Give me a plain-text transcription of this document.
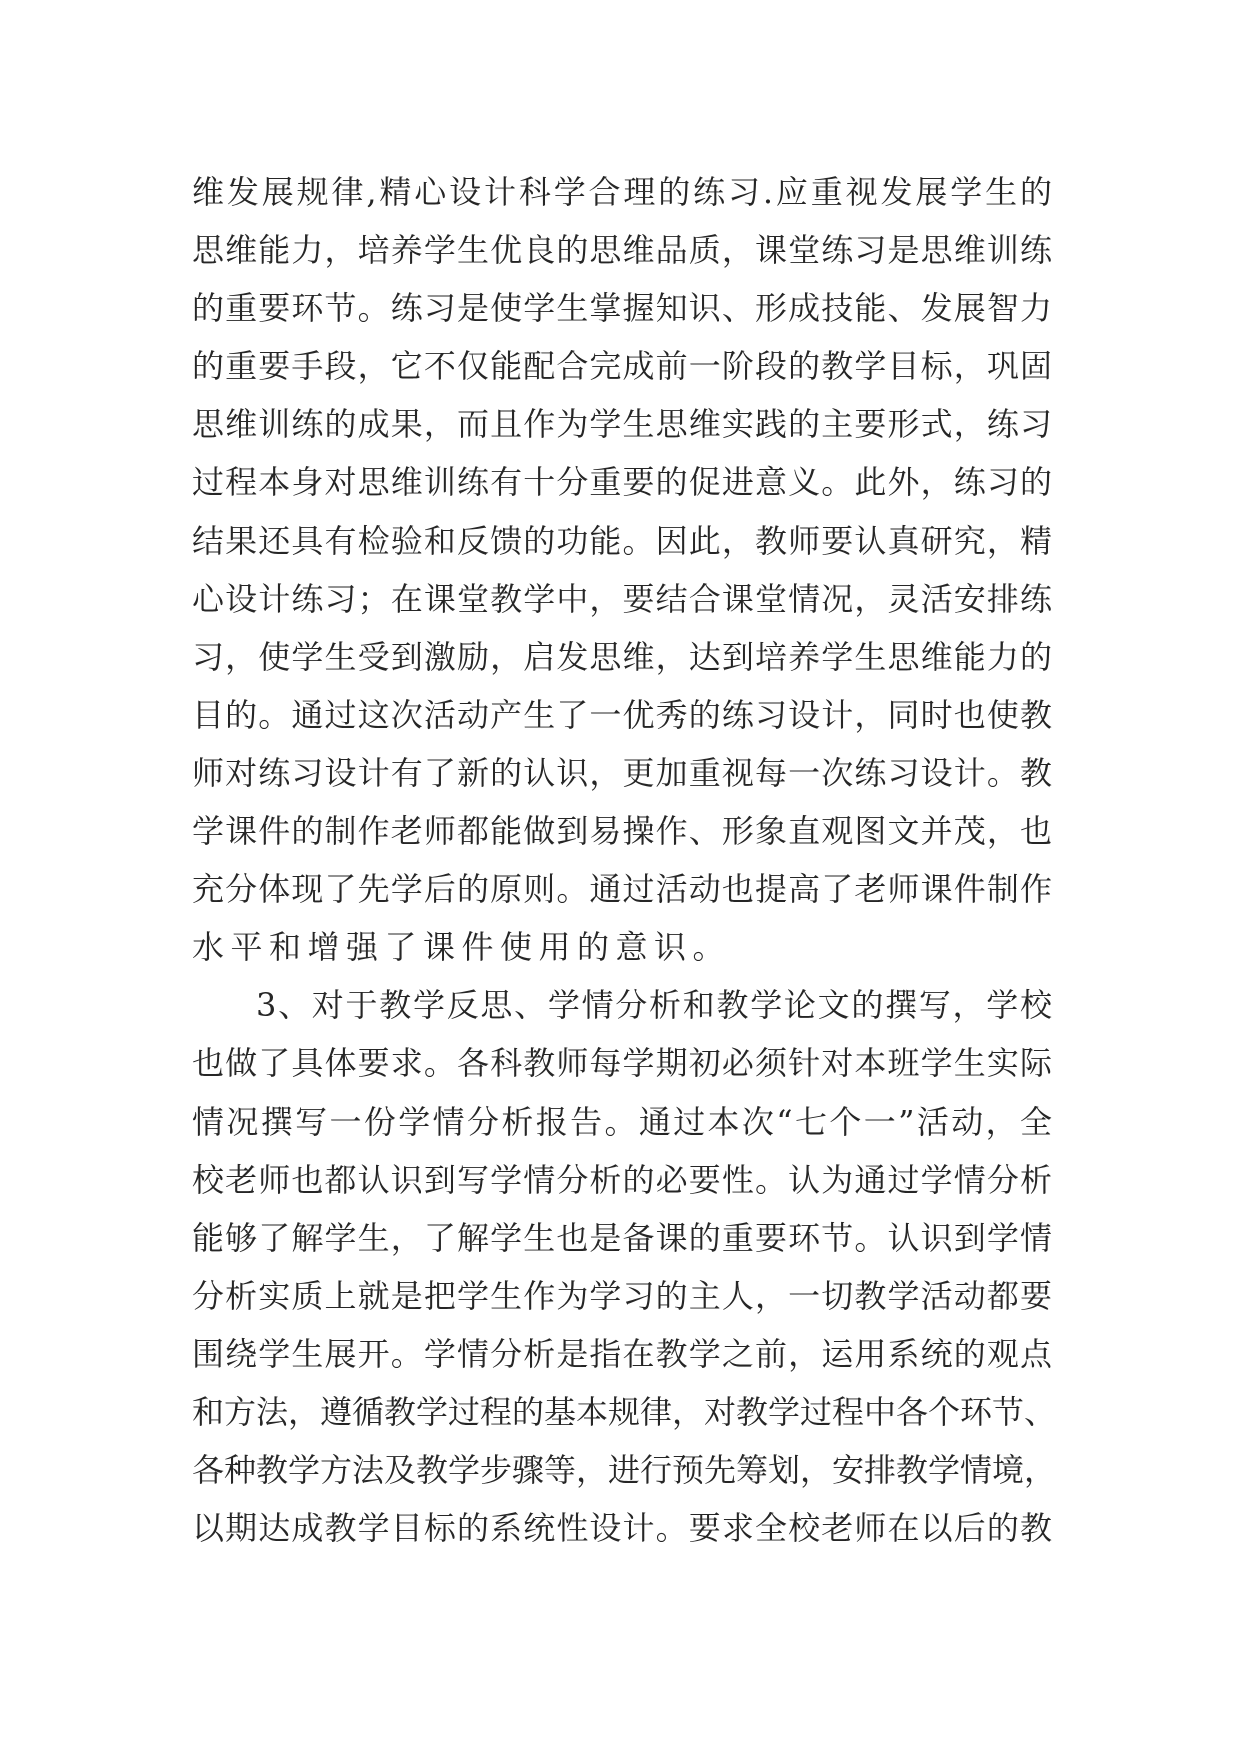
维发展规律,精心设计科学合理的练习.应重视发展学生的
思维能力，培养学生优良的思维品质，课堂练习是思维训练
的重要环节。练习是使学生掌握知识、形成技能、发展智力
的重要手段，它不仅能配合完成前一阶段的教学目标，巩固
思维训练的成果，而且作为学生思维实践的主要形式，练习
过程本身对思维训练有十分重要的促进意义。此外，练习的
结果还具有检验和反馈的功能。因此，教师要认真研究，精
心设计练习；在课堂教学中，要结合课堂情况，灵活安排练
习，使学生受到激励，启发思维，达到培养学生思维能力的
目的。通过这次活动产生了一优秀的练习设计，同时也使教
师对练习设计有了新的认识，更加重视每一次练习设计。教
学课件的制作老师都能做到易操作、形象直观图文并茂，也
充分体现了先学后的原则。通过活动也提高了老师课件制作
水平和增强了课件使用的意识。
3、对于教学反思、学情分析和教学论文的撰写，学校
也做了具体要求。各科教师每学期初必须针对本班学生实际
情况撰写一份学情分析报告。通过本次“七个一”活动，全
校老师也都认识到写学情分析的必要性。认为通过学情分析
能够了解学生，了解学生也是备课的重要环节。认识到学情
分析实质上就是把学生作为学习的主人，一切教学活动都要
围绕学生展开。学情分析是指在教学之前，运用系统的观点
和方法，遵循教学过程的基本规律，对教学过程中各个环节、
各种教学方法及教学步骤等，进行预先筹划，安排教学情境，
以期达成教学目标的系统性设计。要求全校老师在以后的教
